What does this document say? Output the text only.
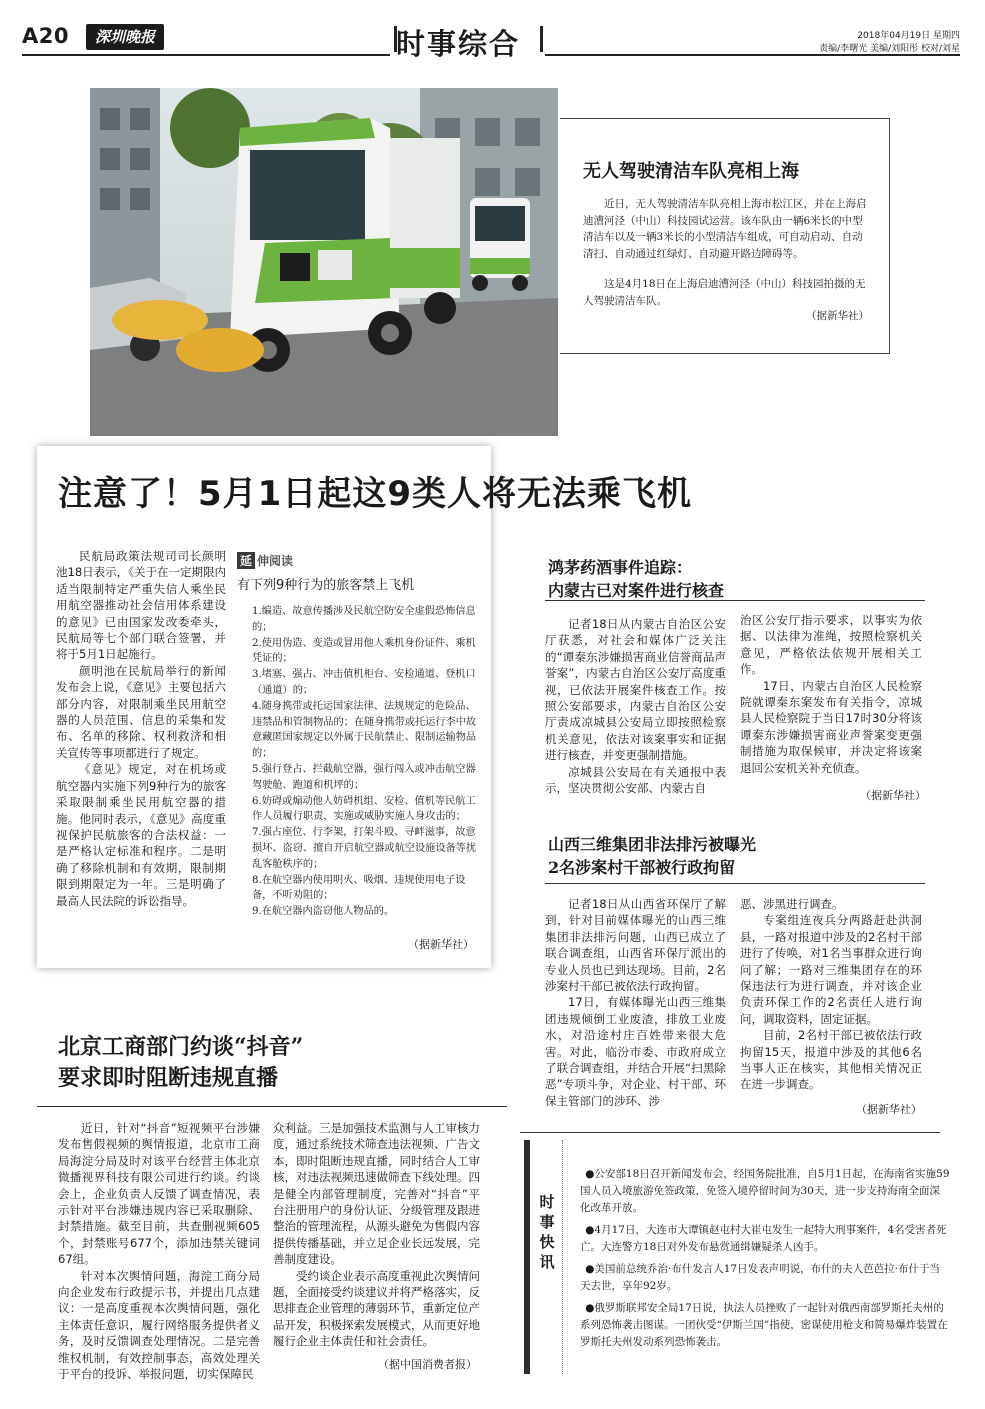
A20	深圳晚报	时事综合	2018年04月19日 星期四
责编/李曙光 美编/刘阳彤 校对/刘星
无人驾驶清洁车队亮相上海

近日，无人驾驶清洁车队亮相上海市松江区，并在上海启迪漕河泾（中山）科技园试运营。该车队由一辆6米长的中型清洁车以及一辆3米长的小型清洁车组成，可自动启动、自动清扫、自动通过红绿灯、自动避开路边障碍等。

这是4月18日在上海启迪漕河泾（中山）科技园拍摄的无人驾驶清洁车队。

（据新华社）
注意了！5月1日起这9类人将无法乘飞机

民航局政策法规司司长颜明池18日表示，《关于在一定期限内适当限制特定严重失信人乘坐民用航空器推动社会信用体系建设的意见》已由国家发改委牵头，民航局等七个部门联合签署，并将于5月1日起施行。

颜明池在民航局举行的新闻发布会上说，《意见》主要包括六部分内容，对限制乘坐民用航空器的人员范围、信息的采集和发布、名单的移除、权利救济和相关宣传等事项都进行了规定。

《意见》规定，对在机场或航空器内实施下列9种行为的旅客采取限制乘坐民用航空器的措施。他同时表示，《意见》高度重视保护民航旅客的合法权益：一是严格认定标准和程序。二是明确了移除机制和有效期，限制期限到期限定为一年。三是明确了最高人民法院的诉讼指导。

延 伸阅读
有下列9种行为的旅客禁上飞机
1.编造、故意传播涉及民航空防安全虚假恐怖信息的；
2.使用伪造、变造或冒用他人乘机身份证件、乘机凭证的；
3.堵塞、强占、冲击值机柜台、安检通道、登机口（通道）的；
4.随身携带或托运国家法律、法规规定的危险品、违禁品和管制物品的；在随身携带或托运行李中故意藏匿国家规定以外属于民航禁止、限制运输物品的；
5.强行登占、拦截航空器，强行闯入或冲击航空器驾驶舱、跑道和机坪的；
6.妨碍或煽动他人妨碍机组、安检、值机等民航工作人员履行职责，实施或威胁实施人身攻击的；
7.强占座位、行李架，打架斗殴、寻衅滋事，故意损坏、盗窃、擅自开启航空器或航空设施设备等扰乱客舱秩序的；
8.在航空器内使用明火、吸烟、违规使用电子设备，不听劝阻的；
9.在航空器内盗窃他人物品的。
（据新华社）
鸿茅药酒事件追踪：
内蒙古已对案件进行核查

记者18日从内蒙古自治区公安厅获悉，对社会和媒体广泛关注的“谭秦东涉嫌损害商业信誉商品声誉案”，内蒙古自治区公安厅高度重视，已依法开展案件核查工作。按照公安部要求，内蒙古自治区公安厅责成凉城县公安局立即按照检察机关意见，依法对该案事实和证据进行核查，并变更强制措施。

凉城县公安局在有关通报中表示，坚决贯彻公安部、内蒙古自

治区公安厅指示要求，以事实为依据、以法律为准绳，按照检察机关意见，严格依法依规开展相关工作。

17日，内蒙古自治区人民检察院就谭秦东案发布有关指令，凉城县人民检察院于当日17时30分将该谭秦东涉嫌损害商业声誉案变更强制措施为取保候审，并决定将该案退回公安机关补充侦查。

（据新华社）
山西三维集团非法排污被曝光
2名涉案村干部被行政拘留

记者18日从山西省环保厅了解到，针对目前媒体曝光的山西三维集团非法排污问题，山西已成立了联合调查组，山西省环保厅派出的专业人员也已到达现场。目前，2名涉案村干部已被依法行政拘留。

17日，有媒体曝光山西三维集团违规倾倒工业废渣，排放工业废水，对沿途村庄百姓带来很大危害。对此，临汾市委、市政府成立了联合调查组，并结合开展“扫黑除恶”专项斗争，对企业、村干部、环保主管部门的涉环、涉

恶、涉黑进行调查。

专案组连夜兵分两路赶赴洪洞县，一路对报道中涉及的2名村干部进行了传唤，对1名当事群众进行询问了解；一路对三维集团存在的环保违法行为进行调查，并对该企业负责环保工作的2名责任人进行询问，调取资料，固定证据。

目前，2名村干部已被依法行政拘留15天，报道中涉及的其他6名当事人正在核实，其他相关情况正在进一步调查。

（据新华社）
北京工商部门约谈“抖音”
要求即时阻断违规直播

近日，针对“抖音”短视频平台涉嫌发布售假视频的舆情报道，北京市工商局海淀分局及时对该平台经营主体北京微播视界科技有限公司进行约谈。约谈会上，企业负责人反馈了调查情况，表示针对平台涉嫌违规内容已采取删除、封禁措施。截至目前，共查删视频605个，封禁账号677个，添加违禁关键词67组。

针对本次舆情问题，海淀工商分局向企业发布行政提示书，并提出几点建议：一是高度重视本次舆情问题，强化主体责任意识，履行网络服务提供者义务，及时反馈调查处理情况。二是完善维权机制，有效控制事态，高效处理关于平台的投诉、举报问题，切实保障民

众利益。三是加强技术监测与人工审核力度，通过系统技术筛查违法视频、广告文本，即时阻断违规直播，同时结合人工审核，对违法视频迅速做筛查下线处理。四是健全内部管理制度，完善对“抖音”平台注册用户的身份认证、分级管理及跟进整治的管理流程，从源头避免为售假内容提供传播基础，并立足企业长远发展，完善制度建设。

受约谈企业表示高度重视此次舆情问题，全面接受约谈建议并将严格落实，反思排查企业管理的薄弱环节，重新定位产品开发，积极探索发展模式，从而更好地履行企业主体责任和社会责任。

（据中国消费者报）
时事快讯
●公安部18日召开新闻发布会，经国务院批准，自5月1日起，在海南省实施59国人员入境旅游免签政策，免签入境停留时间为30天，进一步支持海南全面深化改革开放。
●4月17日，大连市大谭镇赵屯村大崔屯发生一起特大刑事案件，4名受害者死亡。大连警方18日对外发布悬赏通缉嫌疑杀人凶手。
●美国前总统乔治·布什发言人17日发表声明说，布什的夫人芭芭拉·布什于当天去世，享年92岁。
●俄罗斯联邦安全局17日说，执法人员挫败了一起针对俄西南部罗斯托夫州的系列恐怖袭击图谋。一团伙受“伊斯兰国”指使，密谋使用枪支和简易爆炸装置在罗斯托夫州发动系列恐怖袭击。
